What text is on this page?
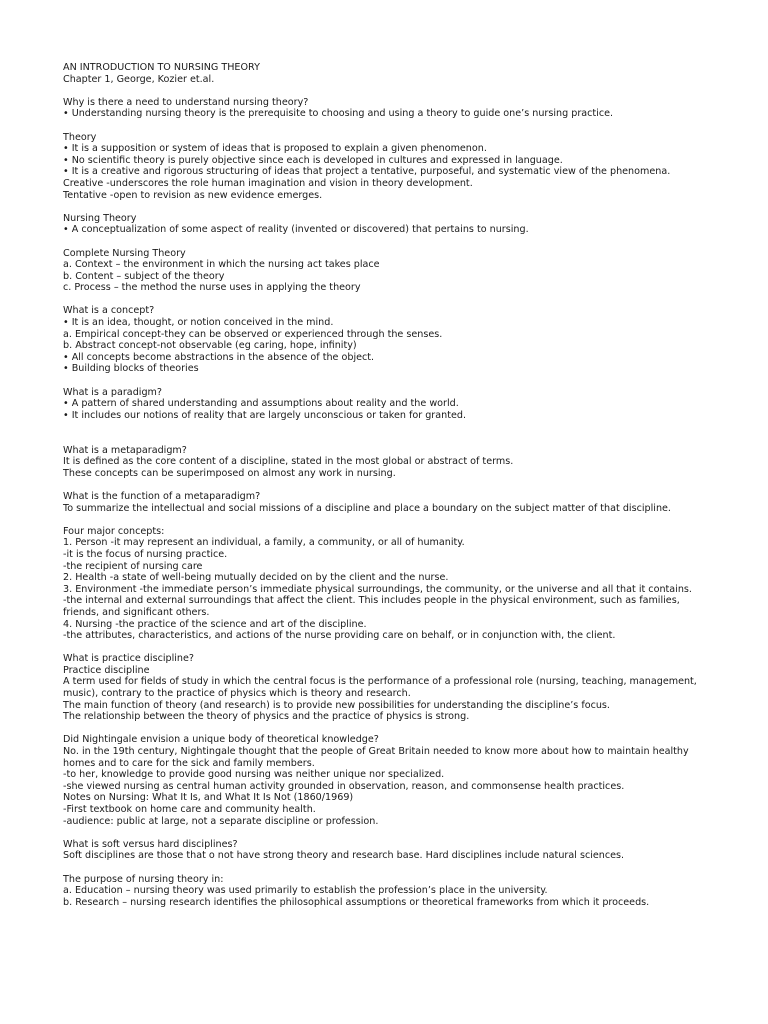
AN INTRODUCTION TO NURSING THEORY
Chapter 1, George, Kozier et.al.
Why is there a need to understand nursing theory?
• Understanding nursing theory is the prerequisite to choosing and using a theory to guide one’s nursing practice.
Theory
• It is a supposition or system of ideas that is proposed to explain a given phenomenon.
• No scientific theory is purely objective since each is developed in cultures and expressed in language.
• It is a creative and rigorous structuring of ideas that project a tentative, purposeful, and systematic view of the phenomena.
Creative -underscores the role human imagination and vision in theory development.
Tentative -open to revision as new evidence emerges.
Nursing Theory
• A conceptualization of some aspect of reality (invented or discovered) that pertains to nursing.
Complete Nursing Theory
a. Context – the environment in which the nursing act takes place
b. Content – subject of the theory
c. Process – the method the nurse uses in applying the theory
What is a concept?
• It is an idea, thought, or notion conceived in the mind.
a. Empirical concept-they can be observed or experienced through the senses.
b. Abstract concept-not observable (eg caring, hope, infinity)
• All concepts become abstractions in the absence of the object.
• Building blocks of theories
What is a paradigm?
• A pattern of shared understanding and assumptions about reality and the world.
• It includes our notions of reality that are largely unconscious or taken for granted.
What is a metaparadigm?
It is defined as the core content of a discipline, stated in the most global or abstract of terms.
These concepts can be superimposed on almost any work in nursing.
What is the function of a metaparadigm?
To summarize the intellectual and social missions of a discipline and place a boundary on the subject matter of that discipline.
Four major concepts:
1. Person -it may represent an individual, a family, a community, or all of humanity.
-it is the focus of nursing practice.
-the recipient of nursing care
2. Health -a state of well-being mutually decided on by the client and the nurse.
3. Environment -the immediate person’s immediate physical surroundings, the community, or the universe and all that it contains.
-the internal and external surroundings that affect the client. This includes people in the physical environment, such as families, friends, and significant others.
4. Nursing -the practice of the science and art of the discipline.
-the attributes, characteristics, and actions of the nurse providing care on behalf, or in conjunction with, the client.
What is practice discipline?
Practice discipline
A term used for fields of study in which the central focus is the performance of a professional role (nursing, teaching, management, music), contrary to the practice of physics which is theory and research.
The main function of theory (and research) is to provide new possibilities for understanding the discipline’s focus.
The relationship between the theory of physics and the practice of physics is strong.
Did Nightingale envision a unique body of theoretical knowledge?
No. in the 19th century, Nightingale thought that the people of Great Britain needed to know more about how to maintain healthy homes and to care for the sick and family members.
-to her, knowledge to provide good nursing was neither unique nor specialized.
-she viewed nursing as central human activity grounded in observation, reason, and commonsense health practices.
Notes on Nursing: What It Is, and What It Is Not (1860/1969)
-First textbook on home care and community health.
-audience: public at large, not a separate discipline or profession.
What is soft versus hard disciplines?
Soft disciplines are those that o not have strong theory and research base. Hard disciplines include natural sciences.
The purpose of nursing theory in:
a. Education – nursing theory was used primarily to establish the profession’s place in the university.
b. Research – nursing research identifies the philosophical assumptions or theoretical frameworks from which it proceeds.
